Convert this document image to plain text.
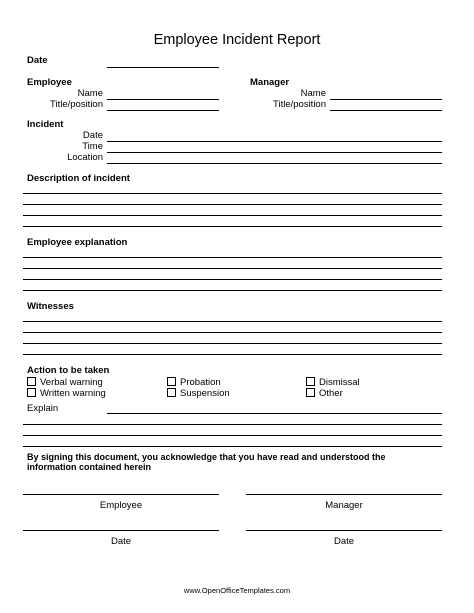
Employee Incident Report
Date
Employee
Name
Title/position
Manager
Name
Title/position
Incident
Date
Time
Location
Description of incident
Employee explanation
Witnesses
Action to be taken
Verbal warning
Written warning
Probation
Suspension
Dismissal
Other
Explain
By signing this document, you acknowledge that you have read and understood the
information contained herein
Employee	Manager
Date	Date
www.OpenOfficeTemplates.com
